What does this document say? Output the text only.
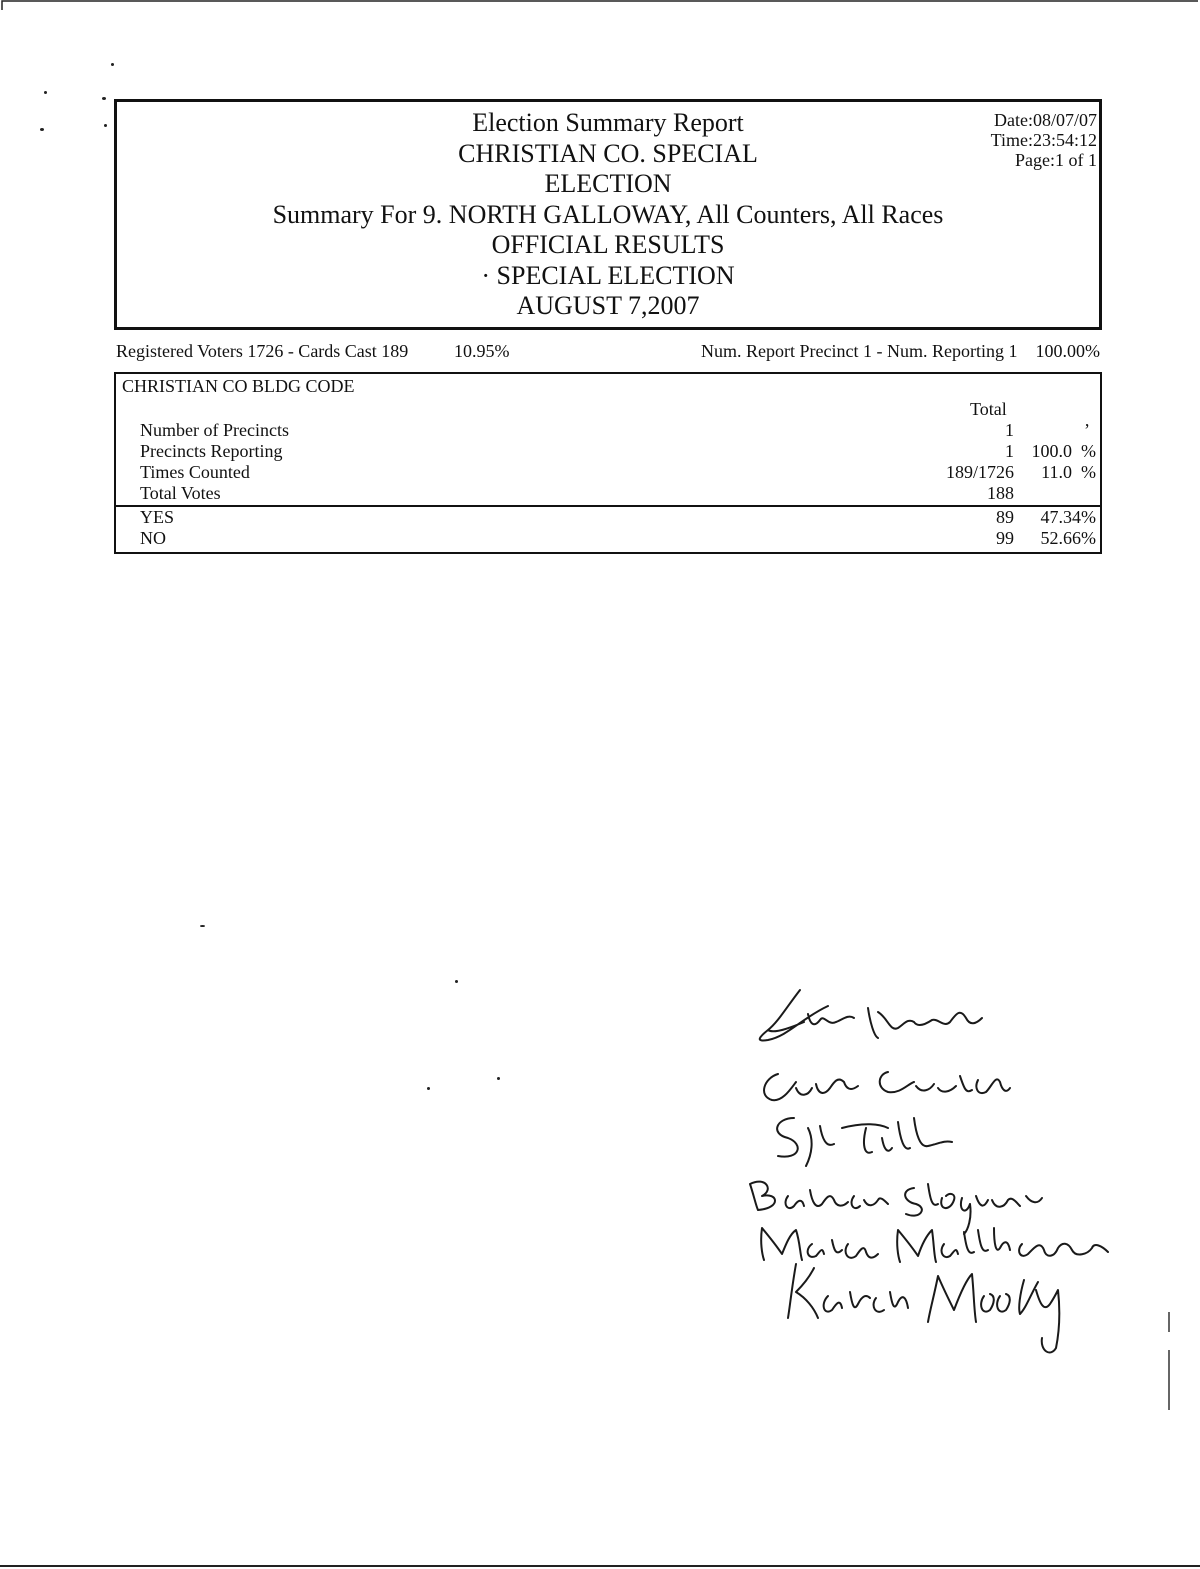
Election Summary Report
CHRISTIAN CO. SPECIAL
ELECTION
Summary For 9. NORTH GALLOWAY, All Counters, All Races
OFFICIAL RESULTS
· SPECIAL ELECTION
AUGUST 7,2007
Date:08/07/07
Time:23:54:12
Page:1 of 1
Registered Voters 1726 - Cards Cast 189	10.95%	Num. Report Precinct 1 - Num. Reporting 1    100.00%
CHRISTIAN CO BLDG CODE
Total
Number of Precincts	1	’
Precincts Reporting	1 100.0  %
Times Counted	189/1726 11.0  %
Total Votes	188
YES	89 47.34%
NO	99 52.66%
